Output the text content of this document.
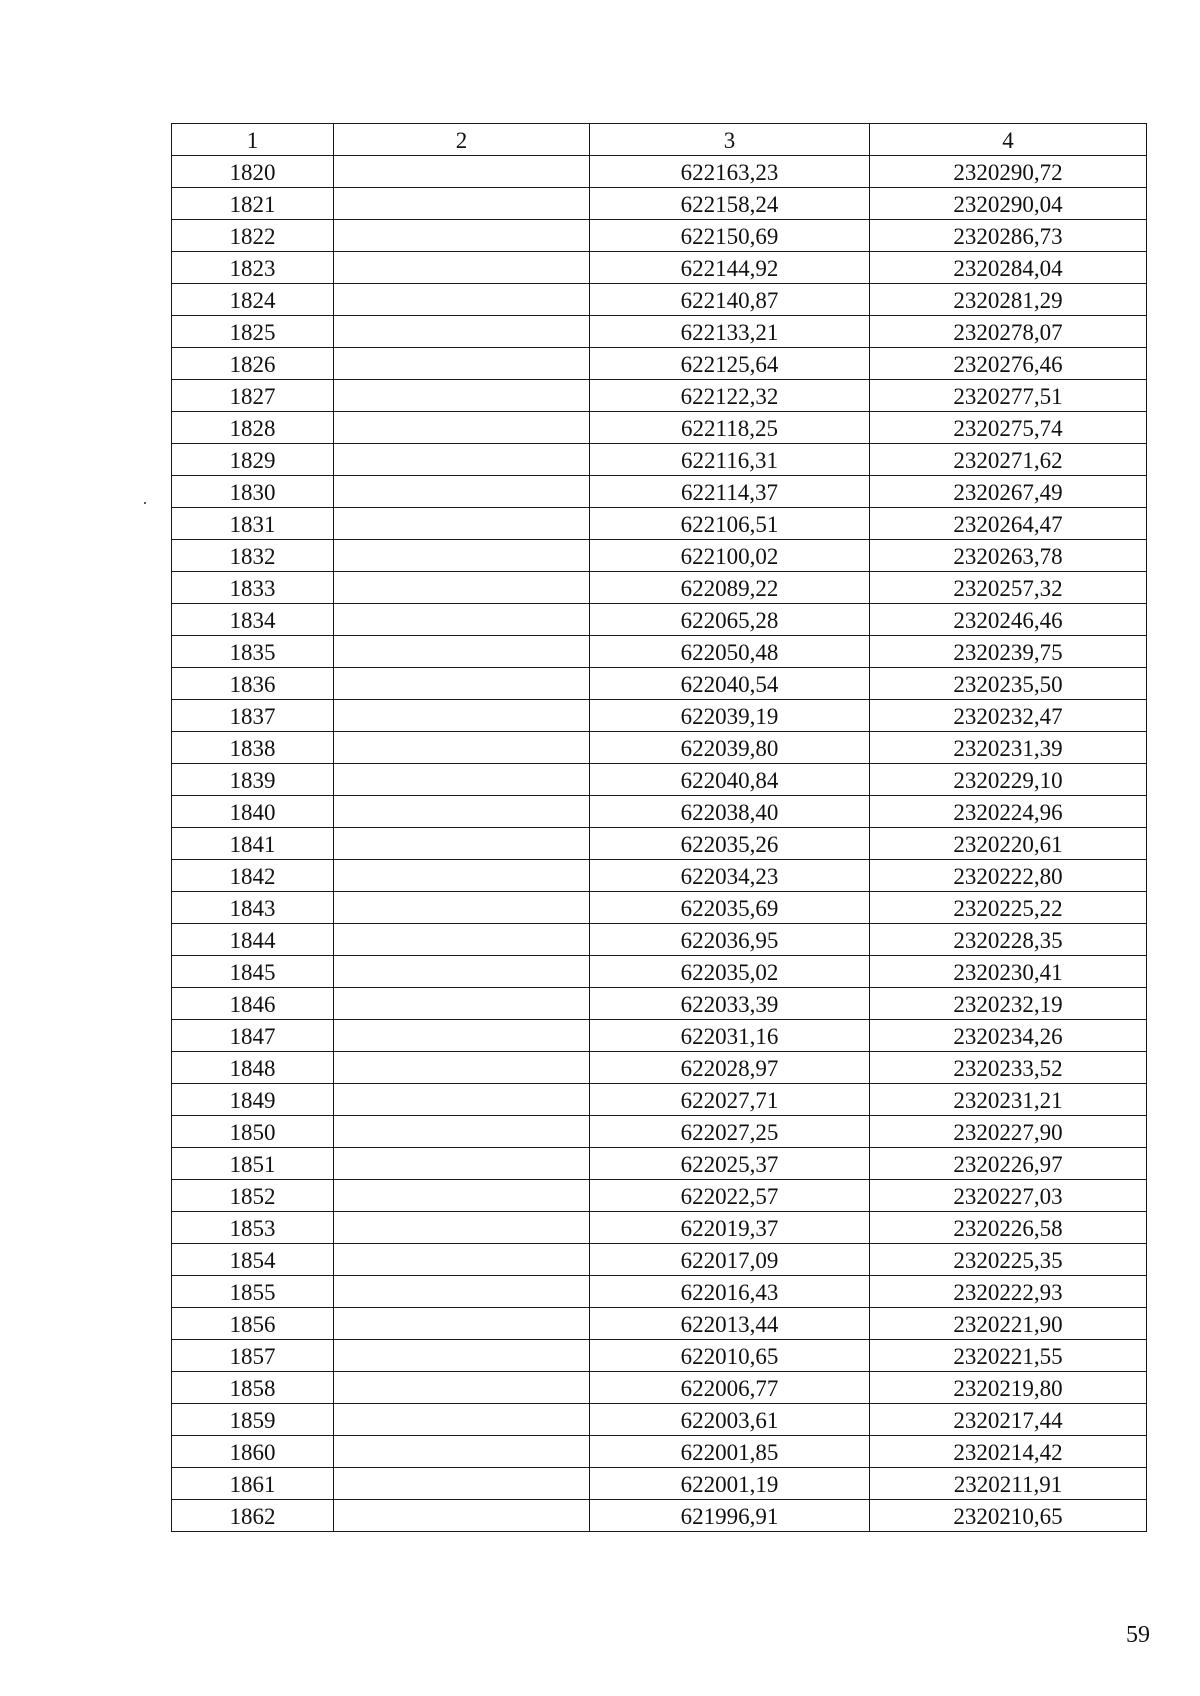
1	2	3	4
1820		622163,23	2320290,72
1821		622158,24	2320290,04
1822		622150,69	2320286,73
1823		622144,92	2320284,04
1824		622140,87	2320281,29
1825		622133,21	2320278,07
1826		622125,64	2320276,46
1827		622122,32	2320277,51
1828		622118,25	2320275,74
1829		622116,31	2320271,62
1830		622114,37	2320267,49
1831		622106,51	2320264,47
1832		622100,02	2320263,78
1833		622089,22	2320257,32
1834		622065,28	2320246,46
1835		622050,48	2320239,75
1836		622040,54	2320235,50
1837		622039,19	2320232,47
1838		622039,80	2320231,39
1839		622040,84	2320229,10
1840		622038,40	2320224,96
1841		622035,26	2320220,61
1842		622034,23	2320222,80
1843		622035,69	2320225,22
1844		622036,95	2320228,35
1845		622035,02	2320230,41
1846		622033,39	2320232,19
1847		622031,16	2320234,26
1848		622028,97	2320233,52
1849		622027,71	2320231,21
1850		622027,25	2320227,90
1851		622025,37	2320226,97
1852		622022,57	2320227,03
1853		622019,37	2320226,58
1854		622017,09	2320225,35
1855		622016,43	2320222,93
1856		622013,44	2320221,90
1857		622010,65	2320221,55
1858		622006,77	2320219,80
1859		622003,61	2320217,44
1860		622001,85	2320214,42
1861		622001,19	2320211,91
1862		621996,91	2320210,65
59
